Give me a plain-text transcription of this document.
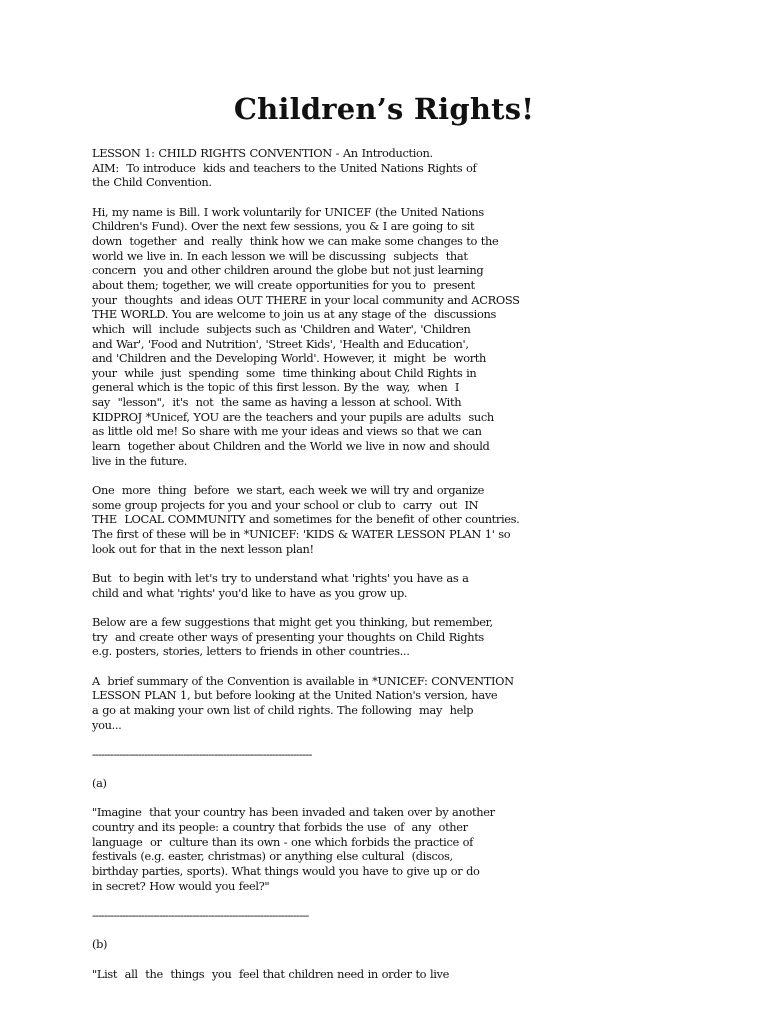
Children’s Rights!
LESSON 1: CHILD RIGHTS CONVENTION - An Introduction.
AIM:  To introduce  kids and teachers to the United Nations Rights of
the Child Convention.
Hi, my name is Bill. I work voluntarily for UNICEF (the United Nations
Children's Fund). Over the next few sessions, you & I are going to sit
down  together  and  really  think how we can make some changes to the
world we live in. In each lesson we will be discussing  subjects  that
concern  you and other children around the globe but not just learning
about them; together, we will create opportunities for you to  present
your  thoughts  and ideas OUT THERE in your local community and ACROSS
THE WORLD. You are welcome to join us at any stage of the  discussions
which  will  include  subjects such as 'Children and Water', 'Children
and War', 'Food and Nutrition', 'Street Kids', 'Health and Education',
and 'Children and the Developing World'. However, it  might  be  worth
your  while  just  spending  some  time thinking about Child Rights in
general which is the topic of this first lesson. By the  way,  when  I
say  "lesson",  it's  not  the same as having a lesson at school. With
KIDPROJ *Unicef, YOU are the teachers and your pupils are adults  such
as little old me! So share with me your ideas and views so that we can
learn  together about Children and the World we live in now and should
live in the future.
One  more  thing  before  we start, each week we will try and organize
some group projects for you and your school or club to  carry  out  IN
THE  LOCAL COMMUNITY and sometimes for the benefit of other countries.
The first of these will be in *UNICEF: 'KIDS & WATER LESSON PLAN 1' so
look out for that in the next lesson plan!
But  to begin with let's try to understand what 'rights' you have as a
child and what 'rights' you'd like to have as you grow up.
Below are a few suggestions that might get you thinking, but remember,
try  and create other ways of presenting your thoughts on Child Rights
e.g. posters, stories, letters to friends in other countries...
A  brief summary of the Convention is available in *UNICEF: CONVENTION
LESSON PLAN 1, but before looking at the United Nation's version, have
a go at making your own list of child rights. The following  may  help
you...
------------------------------------------------------------------------
(a)
"Imagine  that your country has been invaded and taken over by another
country and its people: a country that forbids the use  of  any  other
language  or  culture than its own - one which forbids the practice of
festivals (e.g. easter, christmas) or anything else cultural  (discos,
birthday parties, sports). What things would you have to give up or do
in secret? How would you feel?"
-----------------------------------------------------------------------
(b)
"List  all  the  things  you  feel that children need in order to live
